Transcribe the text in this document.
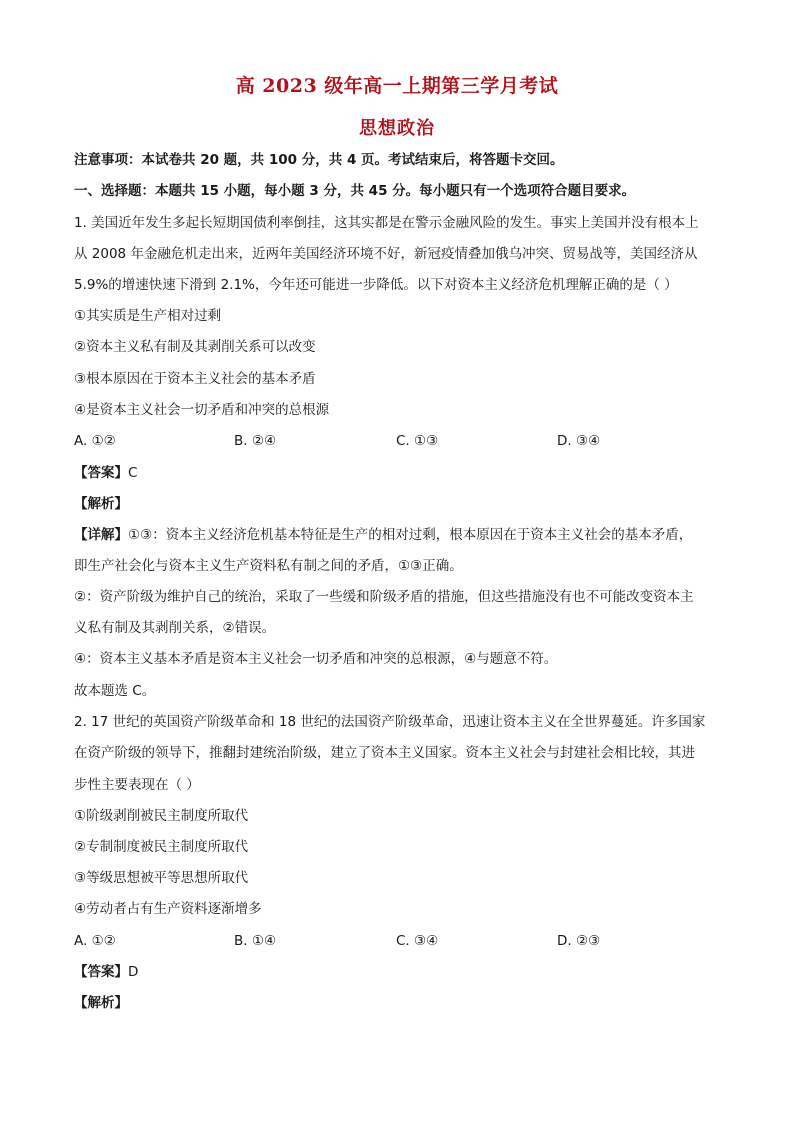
高 2023 级年高一上期第三学月考试
思想政治
注意事项：本试卷共 20 题，共 100 分，共 4 页。考试结束后，将答题卡交回。
一、选择题：本题共 15 小题，每小题 3 分，共 45 分。每小题只有一个选项符合题目要求。
1. 美国近年发生多起长短期国债利率倒挂，这其实都是在警示金融风险的发生。事实上美国并没有根本上
从 2008 年金融危机走出来，近两年美国经济环境不好，新冠疫情叠加俄乌冲突、贸易战等，美国经济从
5.9%的增速快速下滑到 2.1%，今年还可能进一步降低。以下对资本主义经济危机理解正确的是（ ）
①其实质是生产相对过剩
②资本主义私有制及其剥削关系可以改变
③根本原因在于资本主义社会的基本矛盾
④是资本主义社会一切矛盾和冲突的总根源
A. ①②	B. ②④	C. ①③	D. ③④
【答案】C
【解析】
【详解】①③：资本主义经济危机基本特征是生产的相对过剩，根本原因在于资本主义社会的基本矛盾，
即生产社会化与资本主义生产资料私有制之间的矛盾，①③正确。
②：资产阶级为维护自己的统治，采取了一些缓和阶级矛盾的措施，但这些措施没有也不可能改变资本主
义私有制及其剥削关系，②错误。
④：资本主义基本矛盾是资本主义社会一切矛盾和冲突的总根源，④与题意不符。
故本题选 C。
2. 17 世纪的英国资产阶级革命和 18 世纪的法国资产阶级革命，迅速让资本主义在全世界蔓延。许多国家
在资产阶级的领导下，推翻封建统治阶级，建立了资本主义国家。资本主义社会与封建社会相比较，其进
步性主要表现在（ ）
①阶级剥削被民主制度所取代
②专制制度被民主制度所取代
③等级思想被平等思想所取代
④劳动者占有生产资料逐渐增多
A. ①②	B. ①④	C. ③④	D. ②③
【答案】D
【解析】
